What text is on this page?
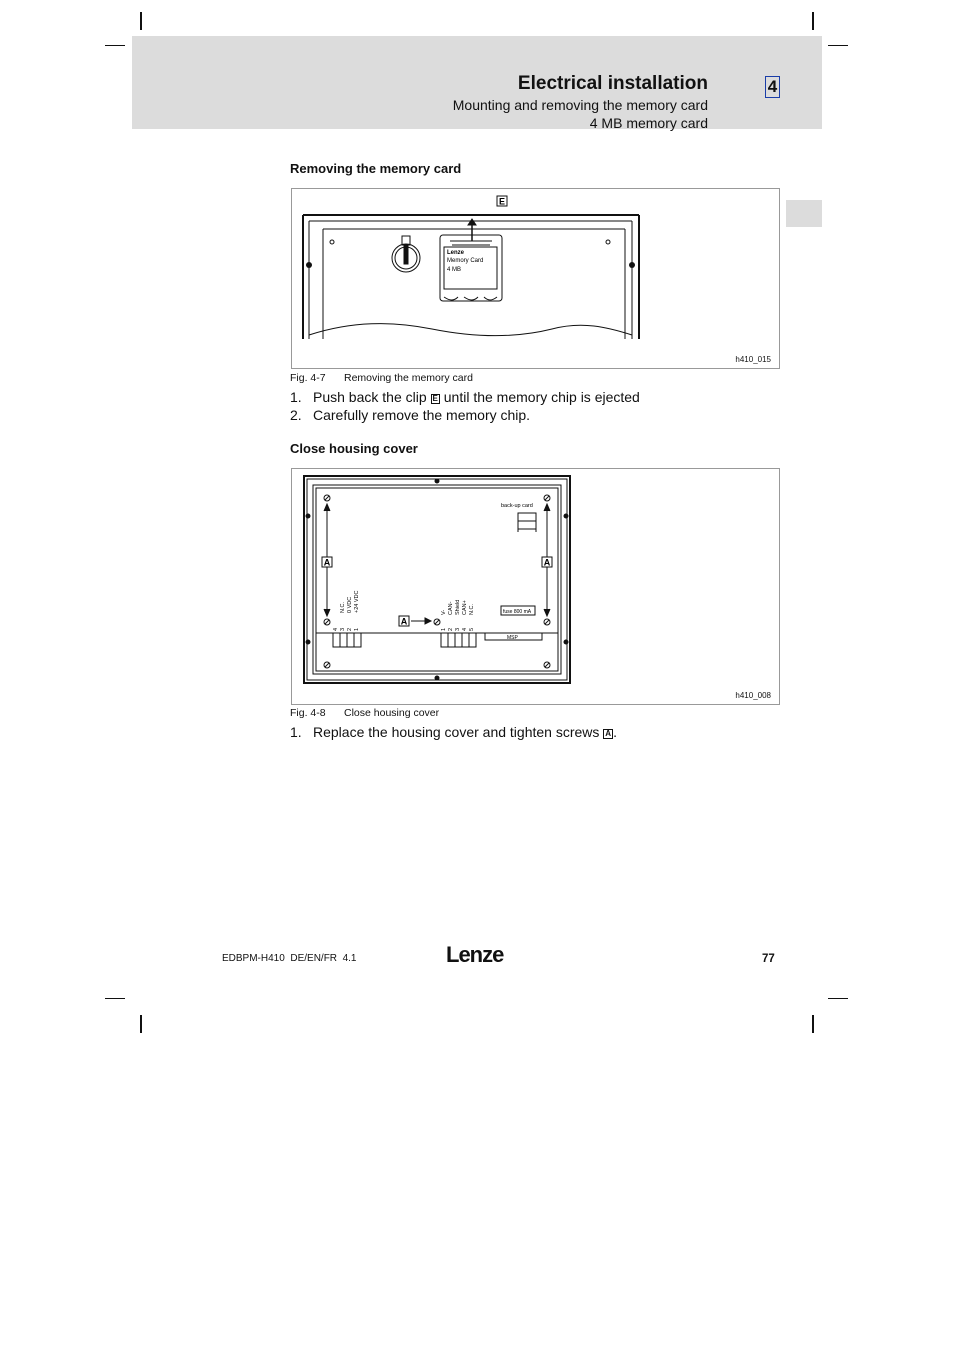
Electrical installation
Mounting and removing the memory card
4 MB memory card
4
Removing the memory card
E
Lenze
Memory Card
4 MB
h410_015
Fig. 4-7 Removing the memory card
1. Push back the clip E until the memory chip is ejected
2. Carefully remove the memory chip.
Close housing cover
A	A
A
back-up card
fuse 800 mA
MSP
4 3 2 1
N.C. 0 VDC +24 VDC
1 2 3 4 5
V- CAN- Shield CAN+ N.C.
h410_008
Fig. 4-8 Close housing cover
1. Replace the housing cover and tighten screws A .
EDBPM-H410  DE/EN/FR  4.1	Lenze	77
